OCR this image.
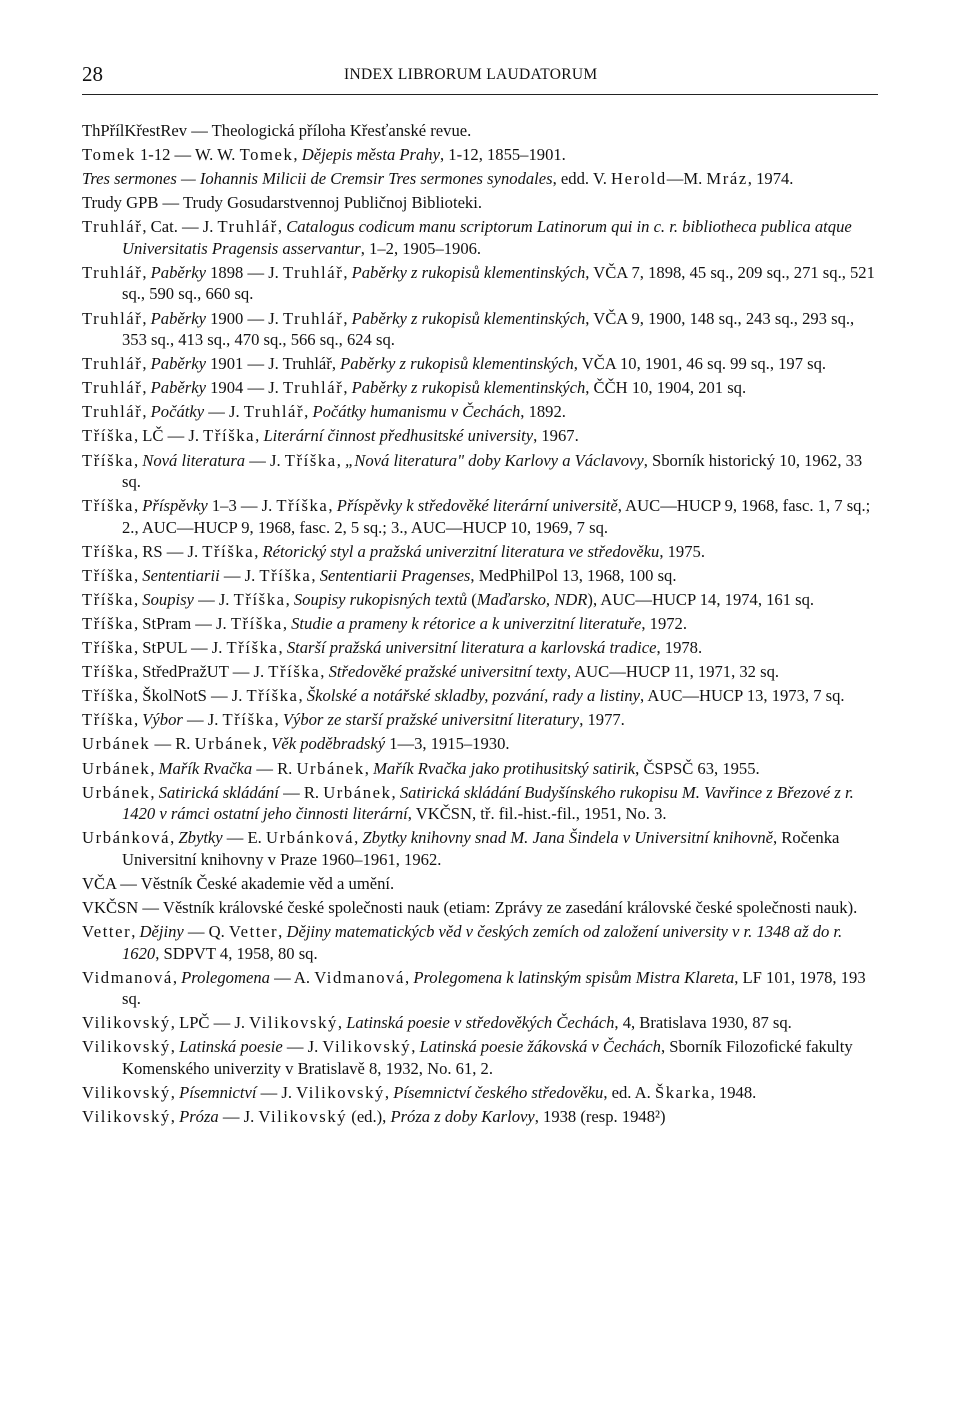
28	INDEX LIBRORUM LAUDATORUM

ThPřílKřestRev — Theologická příloha Křesťanské revue.

Tomek 1-12 — W. W. Tomek, Dějepis města Prahy, 1-12, 1855–1901.

Tres sermones — Iohannis Milicii de Cremsir Tres sermones synodales, edd. V. Herold—M. Mráz, 1974.

Trudy GPB — Trudy Gosudarstvennoj Publičnoj Biblioteki.

Truhlář, Cat. — J. Truhlář, Catalogus codicum manu scriptorum Latinorum qui in c. r. bibliotheca publica atque Universitatis Pragensis asservantur, 1–2, 1905–1906.

Truhlář, Paběrky 1898 — J. Truhlář, Paběrky z rukopisů klementinských, VČA 7, 1898, 45 sq., 209 sq., 271 sq., 521 sq., 590 sq., 660 sq.

Truhlář, Paběrky 1900 — J. Truhlář, Paběrky z rukopisů klementinských, VČA 9, 1900, 148 sq., 243 sq., 293 sq., 353 sq., 413 sq., 470 sq., 566 sq., 624 sq.

Truhlář, Paběrky 1901 — J. Truhlář, Paběrky z rukopisů klementinských, VČA 10, 1901, 46 sq. 99 sq., 197 sq.

Truhlář, Paběrky 1904 — J. Truhlář, Paběrky z rukopisů klementinských, ČČH 10, 1904, 201 sq.

Truhlář, Počátky — J. Truhlář, Počátky humanismu v Čechách, 1892.

Tříška, LČ — J. Tříška, Literární činnost předhusitské university, 1967.

Tříška, Nová literatura — J. Tříška, „Nová literatura" doby Karlovy a Václavovy, Sborník historický 10, 1962, 33 sq.

Tříška, Příspěvky 1–3 — J. Tříška, Příspěvky k středověké literární universitě, AUC—HUCP 9, 1968, fasc. 1, 7 sq.; 2., AUC—HUCP 9, 1968, fasc. 2, 5 sq.; 3., AUC—HUCP 10, 1969, 7 sq.

Tříška, RS — J. Tříška, Rétorický styl a pražská univerzitní literatura ve středověku, 1975.

Tříška, Sententiarii — J. Tříška, Sententiarii Pragenses, MedPhilPol 13, 1968, 100 sq.

Tříška, Soupisy — J. Tříška, Soupisy rukopisných textů (Maďarsko, NDR), AUC—HUCP 14, 1974, 161 sq.

Tříška, StPram — J. Tříška, Studie a prameny k rétorice a k univerzitní literatuře, 1972.

Tříška, StPUL — J. Tříška, Starší pražská universitní literatura a karlovská tradice, 1978.

Tříška, StředPražUT — J. Tříška, Středověké pražské universitní texty, AUC—HUCP 11, 1971, 32 sq.

Tříška, ŠkolNotS — J. Tříška, Školské a notářské skladby, pozvání, rady a listiny, AUC—HUCP 13, 1973, 7 sq.

Tříška, Výbor — J. Tříška, Výbor ze starší pražské universitní literatury, 1977.

Urbánek — R. Urbánek, Věk poděbradský 1—3, 1915–1930.

Urbánek, Mařík Rvačka — R. Urbánek, Mařík Rvačka jako protihusitský satirik, ČSPSČ 63, 1955.

Urbánek, Satirická skládání — R. Urbánek, Satirická skládání Budyšínského rukopisu M. Vavřince z Březové z r. 1420 v rámci ostatní jeho činnosti literární, VKČSN, tř. fil.-hist.-fil., 1951, No. 3.

Urbánková, Zbytky — E. Urbánková, Zbytky knihovny snad M. Jana Šindela v Universitní knihovně, Ročenka Universitní knihovny v Praze 1960–1961, 1962.

VČA — Věstník České akademie věd a umění.

VKČSN — Věstník královské české společnosti nauk (etiam: Zprávy ze zasedání královské české společnosti nauk).

Vetter, Dějiny — Q. Vetter, Dějiny matematickýcb věd v českých zemích od založení university v r. 1348 až do r. 1620, SDPVT 4, 1958, 80 sq.

Vidmanová, Prolegomena — A. Vidmanová, Prolegomena k latinským spisům Mistra Klareta, LF 101, 1978, 193 sq.

Vilikovský, LPČ — J. Vilikovský, Latinská poesie v středověkých Čechách, 4, Bratislava 1930, 87 sq.

Vilikovský, Latinská poesie — J. Vilikovský, Latinská poesie žákovská v Čechách, Sborník Filozofické fakulty Komenského univerzity v Bratislavě 8, 1932, No. 61, 2.

Vilikovský, Písemnictví — J. Vilikovský, Písemnictví českého středověku, ed. A. Škarka, 1948.

Vilikovský, Próza — J. Vilikovský (ed.), Próza z doby Karlovy, 1938 (resp. 1948²)
